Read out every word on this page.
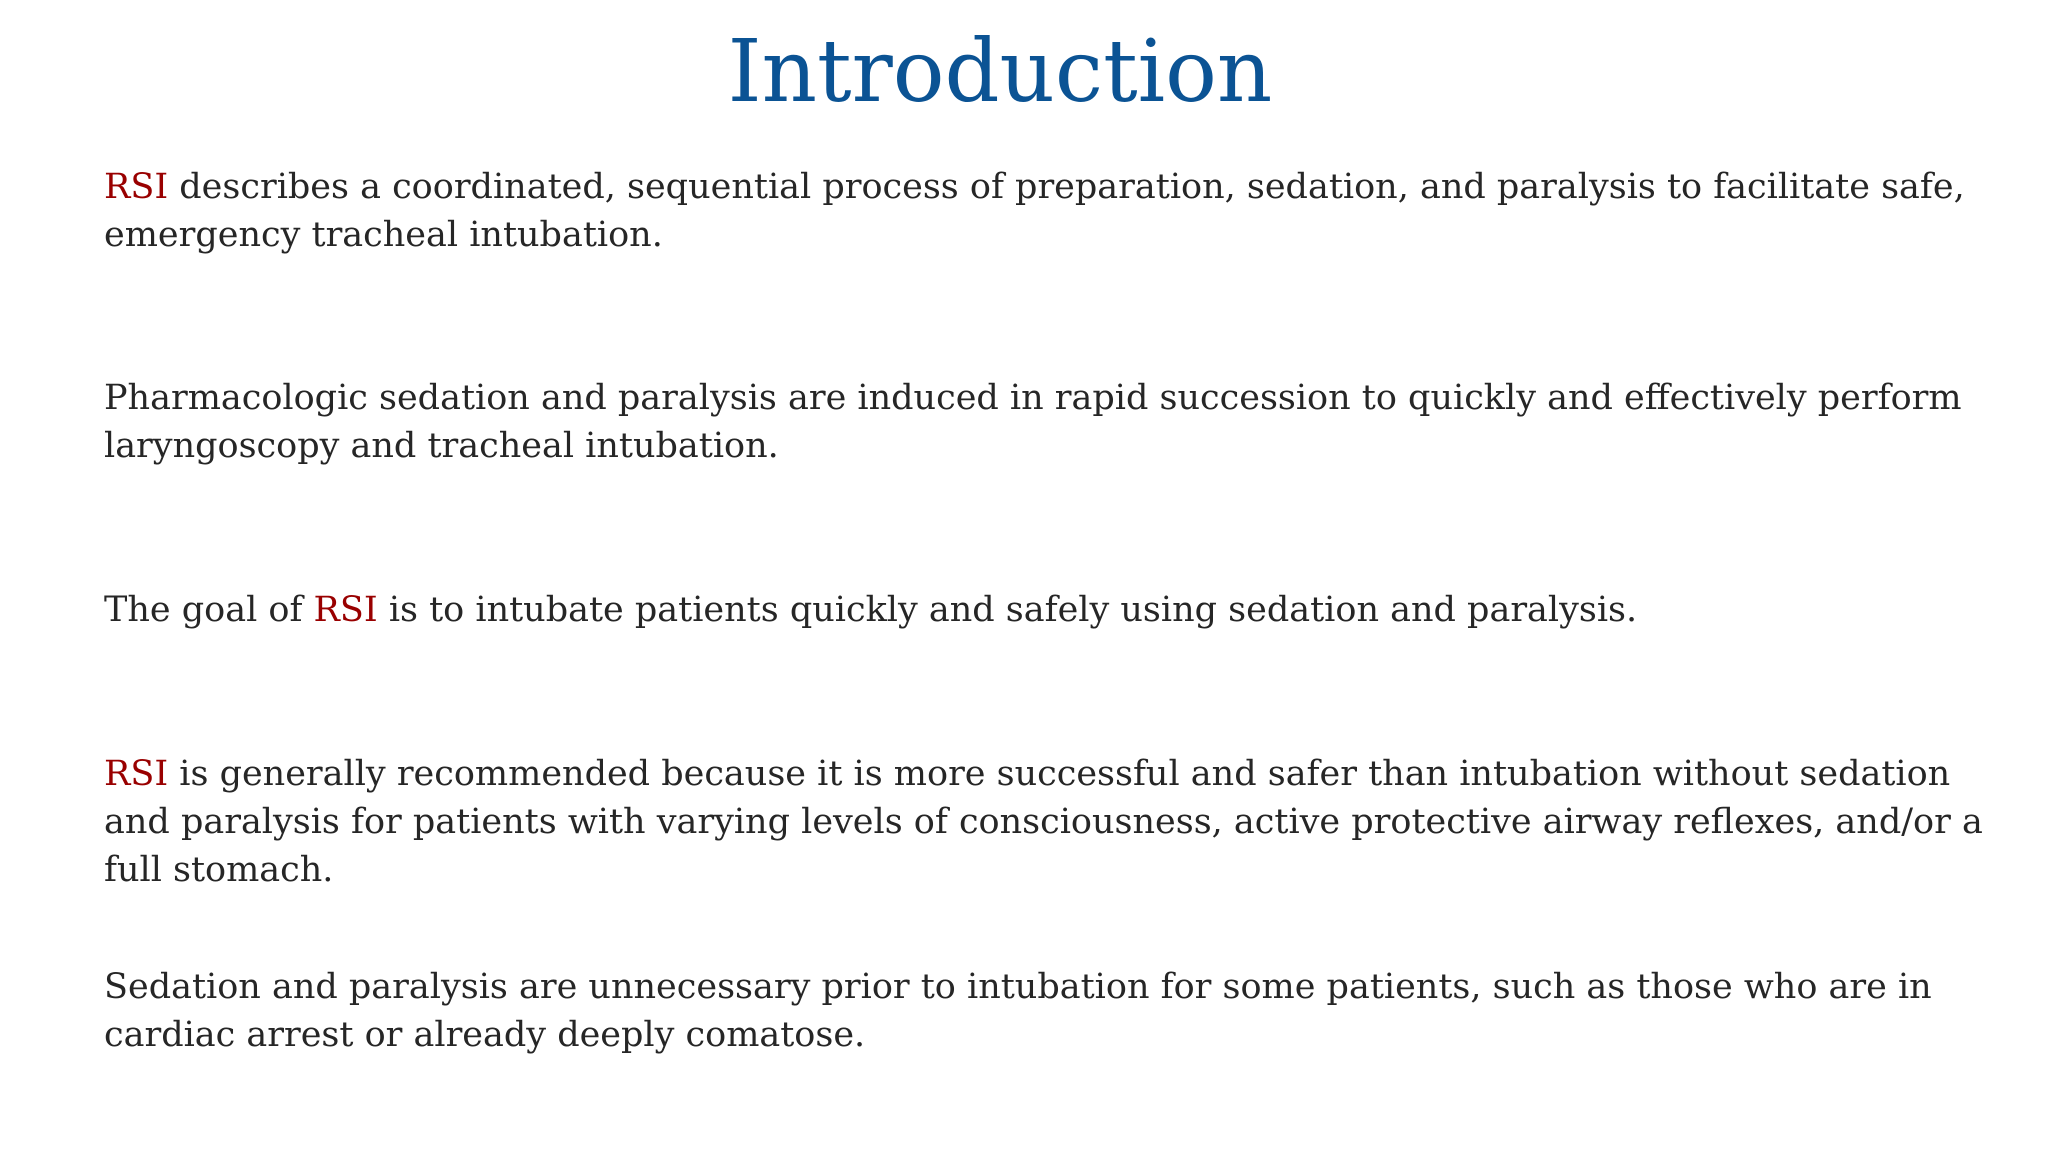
Introduction

RSI describes a coordinated, sequential process of preparation, sedation, and paralysis to facilitate safe, emergency tracheal intubation.

Pharmacologic sedation and paralysis are induced in rapid succession to quickly and effectively perform laryngoscopy and tracheal intubation.

The goal of RSI is to intubate patients quickly and safely using sedation and paralysis.

RSI is generally recommended because it is more successful and safer than intubation without sedation and paralysis for patients with varying levels of consciousness, active protective airway reflexes, and/or a full stomach.

Sedation and paralysis are unnecessary prior to intubation for some patients, such as those who are in cardiac arrest or already deeply comatose.
